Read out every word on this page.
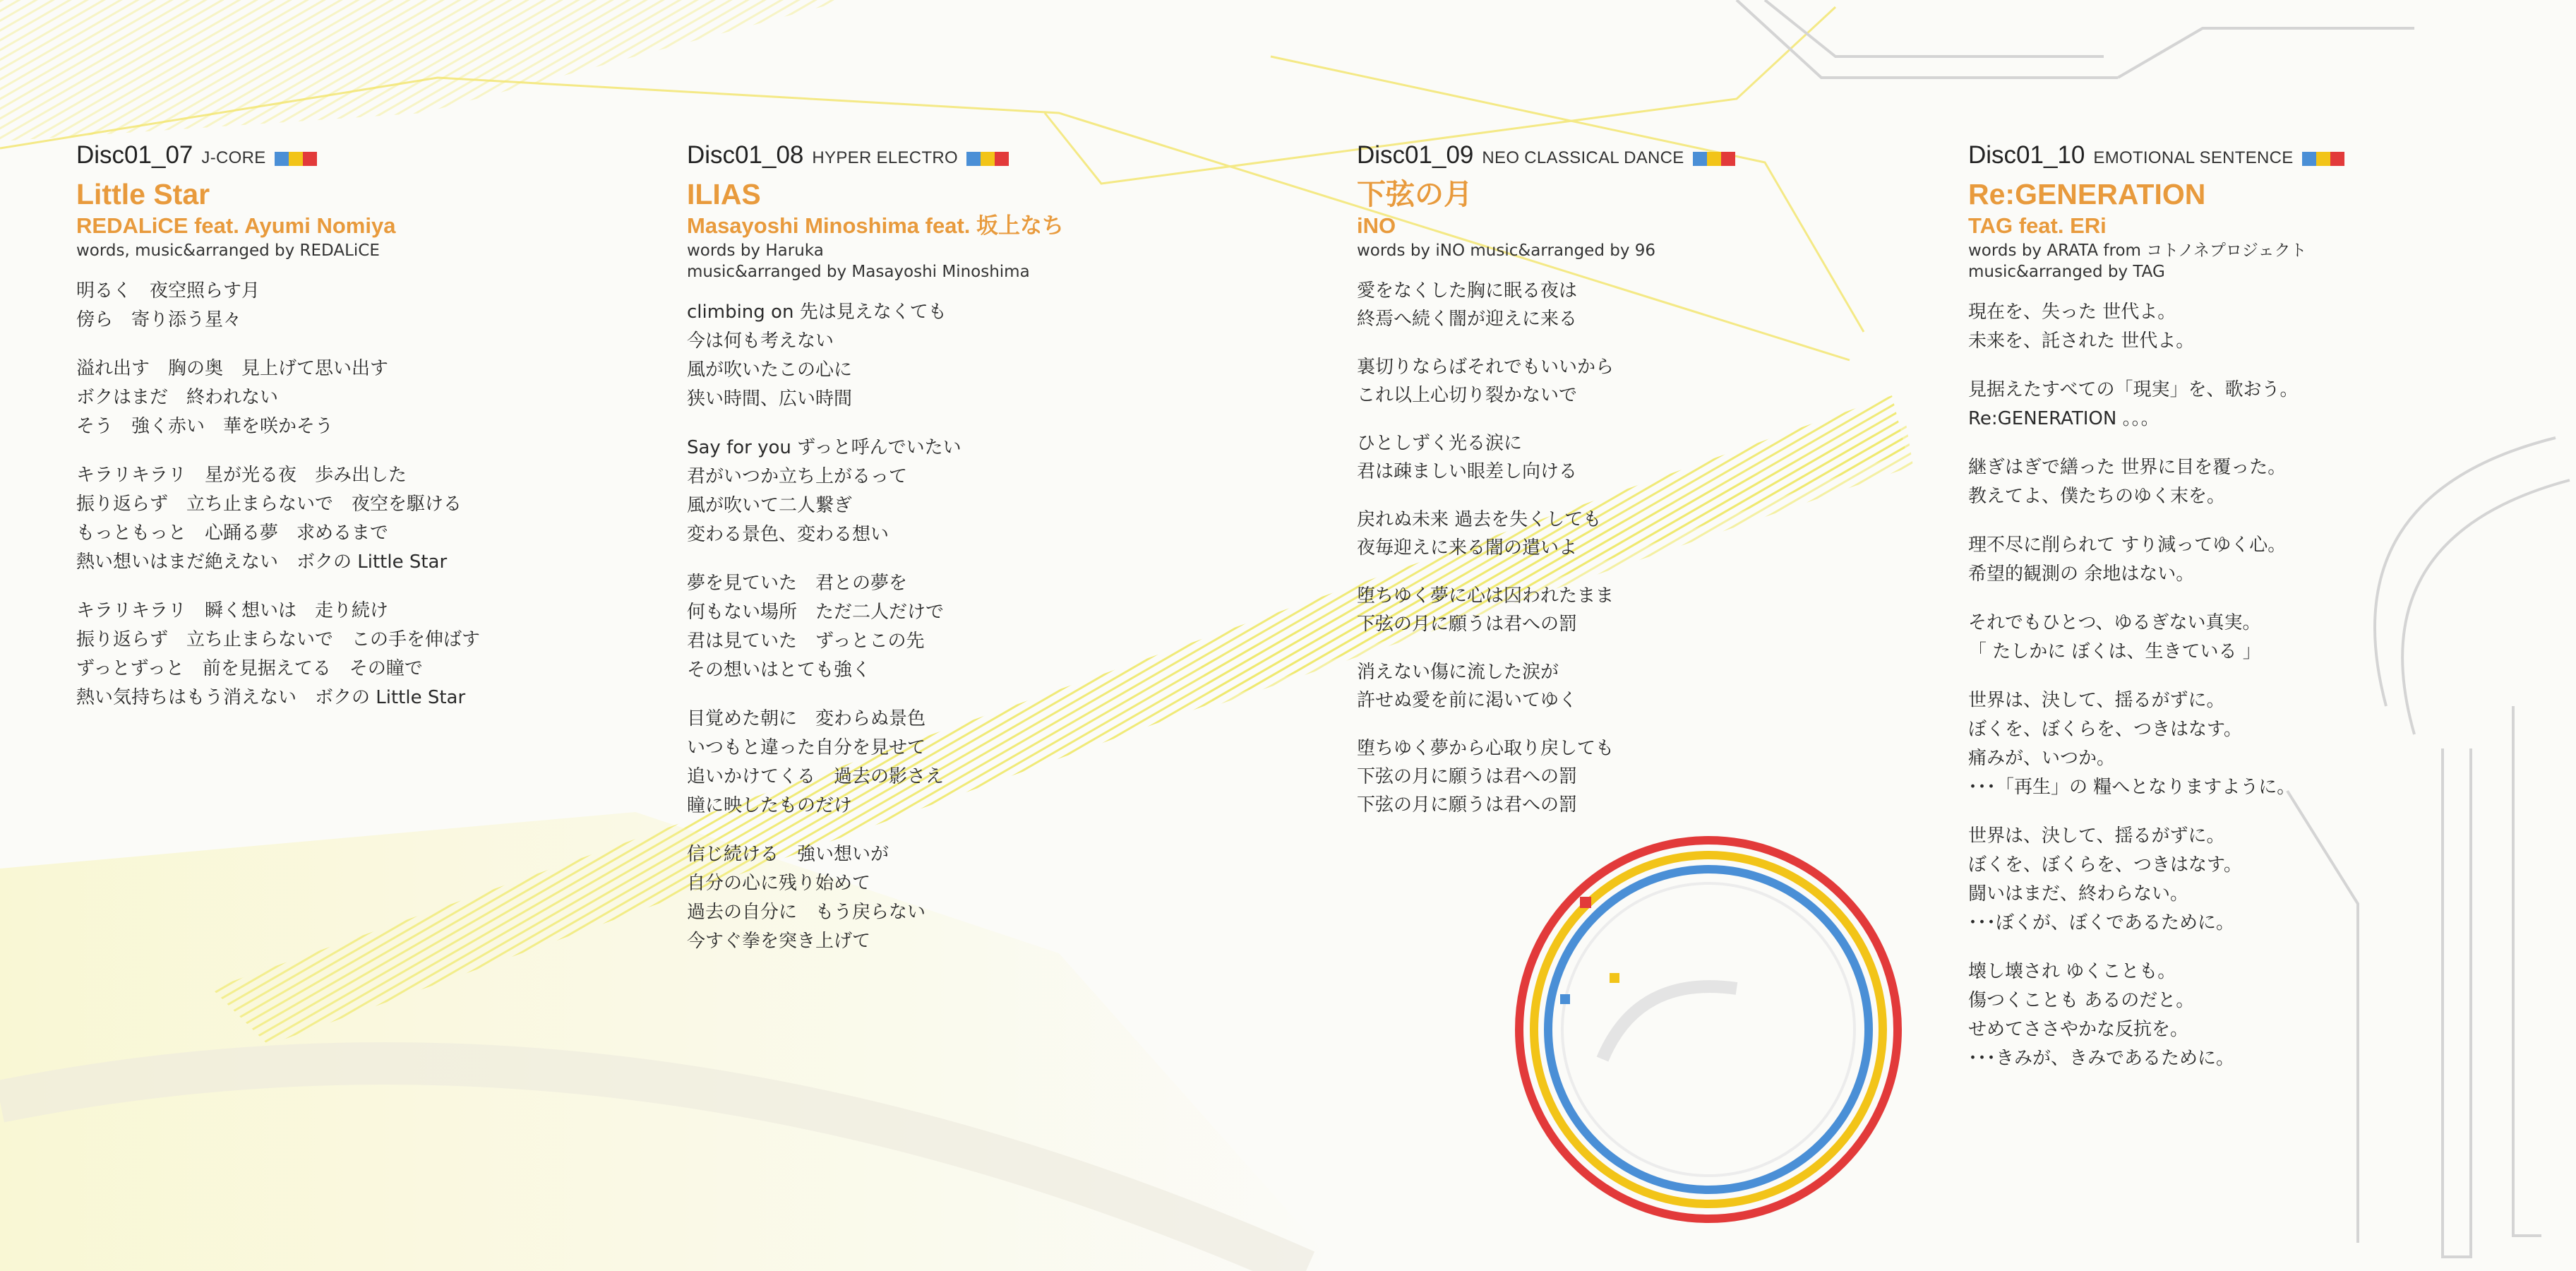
Disc01_07 J-CORE
Little Star
REDALiCE feat. Ayumi Nomiya
words, music&arranged by REDALiCE
明るく　夜空照らす月
傍ら　寄り添う星々
溢れ出す　胸の奥　見上げて思い出す
ボクはまだ　終われない
そう　強く赤い　華を咲かそう
キラリキラリ　星が光る夜　歩み出した
振り返らず　立ち止まらないで　夜空を駆ける
もっともっと　心踊る夢　求めるまで
熱い想いはまだ絶えない　ボクの Little Star
キラリキラリ　瞬く想いは　走り続け
振り返らず　立ち止まらないで　この手を伸ばす
ずっとずっと　前を見据えてる　その瞳で
熱い気持ちはもう消えない　ボクの Little Star
Disc01_08 HYPER ELECTRO
ILIAS
Masayoshi Minoshima feat. 坂上なち
words by Haruka
music&arranged by Masayoshi Minoshima
climbing on 先は見えなくても
今は何も考えない
風が吹いたこの心に
狭い時間、広い時間
Say for you ずっと呼んでいたい
君がいつか立ち上がるって
風が吹いて二人繋ぎ
変わる景色、変わる想い
夢を見ていた　君との夢を
何もない場所　ただ二人だけで
君は見ていた　ずっとこの先
その想いはとても強く
目覚めた朝に　変わらぬ景色
いつもと違った自分を見せて
追いかけてくる　過去の影さえ
瞳に映したものだけ
信じ続ける　強い想いが
自分の心に残り始めて
過去の自分に　もう戻らない
今すぐ拳を突き上げて
Disc01_09 NEO CLASSICAL DANCE
下弦の月
iNO
words by iNO music&arranged by 96
愛をなくした胸に眠る夜は
終焉へ続く闇が迎えに来る
裏切りならばそれでもいいから
これ以上心切り裂かないで
ひとしずく光る涙に
君は疎ましい眼差し向ける
戻れぬ未来 過去を失くしても
夜毎迎えに来る闇の遣いよ
堕ちゆく夢に心は囚われたまま
下弦の月に願うは君への罰
消えない傷に流した涙が
許せぬ愛を前に渇いてゆく
堕ちゆく夢から心取り戻しても
下弦の月に願うは君への罰
下弦の月に願うは君への罰
Disc01_10 EMOTIONAL SENTENCE
Re:GENERATION
TAG feat. ERi
words by ARATA from コトノネプロジェクト
music&arranged by TAG
現在を、失った 世代よ。
未来を、託された 世代よ。
見据えたすべての「現実」を、歌おう。
Re:GENERATION 。。。
継ぎはぎで繕った 世界に目を覆った。
教えてよ、僕たちのゆく末を。
理不尽に削られて すり減ってゆく心。
希望的観測の 余地はない。
それでもひとつ、ゆるぎない真実。
「 たしかに ぼくは、生きている 」
世界は、決して、揺るがずに。
ぼくを、ぼくらを、つきはなす。
痛みが、いつか。
･･･「再生」の 糧へとなりますように。
世界は、決して、揺るがずに。
ぼくを、ぼくらを、つきはなす。
闘いはまだ、終わらない。
･･･ぼくが、ぼくであるために。
壊し壊され ゆくことも。
傷つくことも あるのだと。
せめてささやかな反抗を。
･･･きみが、きみであるために。
